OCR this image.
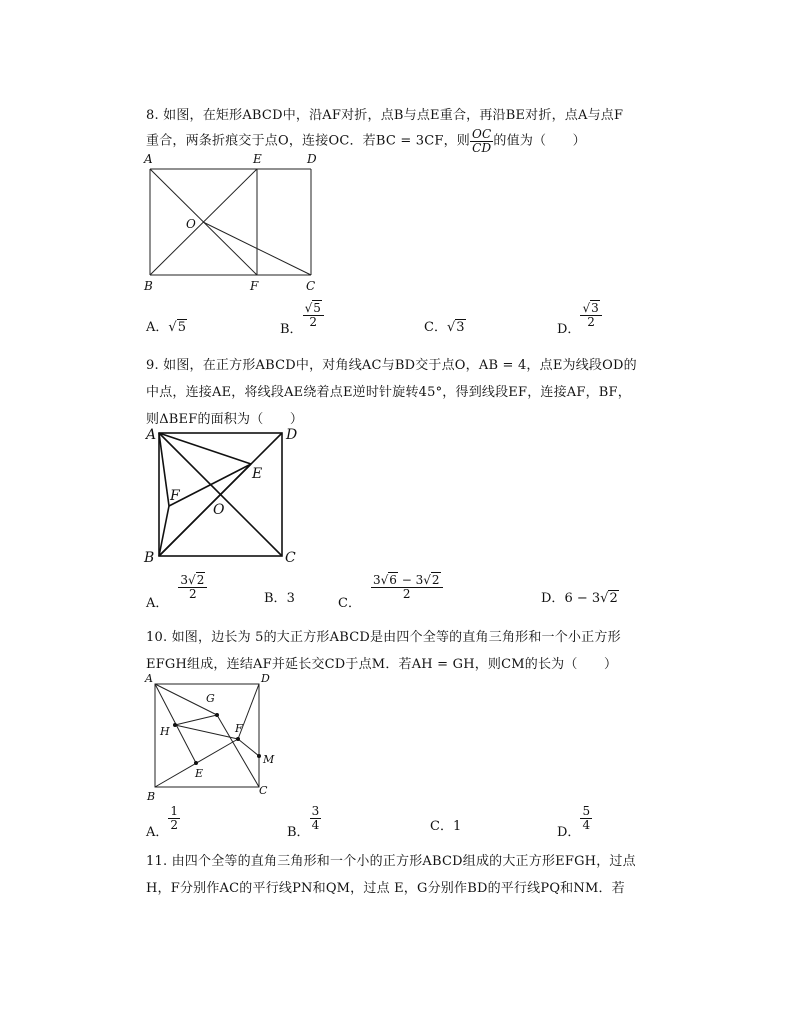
8. 如图，在矩形ABCD中，沿AF对折，点B与点E重合，再沿BE对折，点A与点F
重合，两条折痕交于点O，连接OC．若BC = 3CF，则 $\frac{OC}{CD}$ 的值为（　　）
A	E	D
O
B	F	C
A．√5	B．
$\frac{√5}{2}$	C．√3	D．
$\frac{√3}{2}$
9. 如图，在正方形ABCD中，对角线AC与BD交于点O，AB = 4，点E为线段OD的
中点，连接AE，将线段AE绕着点E逆时针旋转45°，得到线段EF，连接AF，BF，
则ΔBEF的面积为（　　）
A	D
E
F
O
B	C
A．
$\frac{3√2}{2}$	B．3	C．
$\frac{3√6 - 3√2}{2}$	D．6 − 3√2
10. 如图，边长为 5的大正方形ABCD是由四个全等的直角三角形和一个小正方形
EFGH组成，连结AF并延长交CD于点M．若AH = GH，则CM的长为（　　）
A	D
G
H	F
M
E
B	C
A．
$\frac{1}{2}$
B．
$\frac{3}{4}$	C．1	D．
$\frac{5}{4}$
11. 由四个全等的直角三角形和一个小的正方形ABCD组成的大正方形EFGH，过点
H，F分别作AC的平行线PN和QM，过点 E，G分别作BD的平行线PQ和NM．若
